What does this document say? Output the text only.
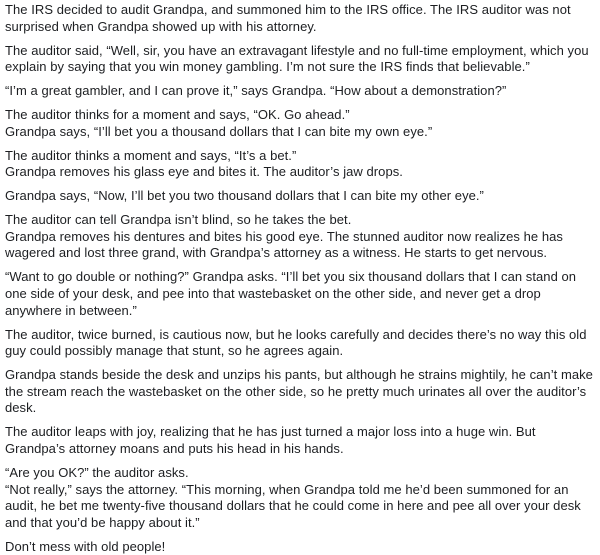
The IRS decided to audit Grandpa, and summoned him to the IRS office. The IRS auditor was not surprised when Grandpa showed up with his attorney.

The auditor said, “Well, sir, you have an extravagant lifestyle and no full-time employment, which you explain by saying that you win money gambling. I’m not sure the IRS finds that believable.”

“I’m a great gambler, and I can prove it,” says Grandpa. “How about a demonstration?”

The auditor thinks for a moment and says, “OK. Go ahead.”
Grandpa says, “I’ll bet you a thousand dollars that I can bite my own eye.”

The auditor thinks a moment and says, “It’s a bet.”
Grandpa removes his glass eye and bites it. The auditor’s jaw drops.

Grandpa says, “Now, I’ll bet you two thousand dollars that I can bite my other eye.”

The auditor can tell Grandpa isn’t blind, so he takes the bet.
Grandpa removes his dentures and bites his good eye. The stunned auditor now realizes he has wagered and lost three grand, with Grandpa’s attorney as a witness. He starts to get nervous.

“Want to go double or nothing?” Grandpa asks. “I’ll bet you six thousand dollars that I can stand on one side of your desk, and pee into that wastebasket on the other side, and never get a drop anywhere in between.”

The auditor, twice burned, is cautious now, but he looks carefully and decides there’s no way this old guy could possibly manage that stunt, so he agrees again.

Grandpa stands beside the desk and unzips his pants, but although he strains mightily, he can’t make the stream reach the wastebasket on the other side, so he pretty much urinates all over the auditor’s desk.

The auditor leaps with joy, realizing that he has just turned a major loss into a huge win. But Grandpa’s attorney moans and puts his head in his hands.

“Are you OK?” the auditor asks.
“Not really,” says the attorney. “This morning, when Grandpa told me he’d been summoned for an audit, he bet me twenty-five thousand dollars that he could come in here and pee all over your desk and that you’d be happy about it.”

Don’t mess with old people!
